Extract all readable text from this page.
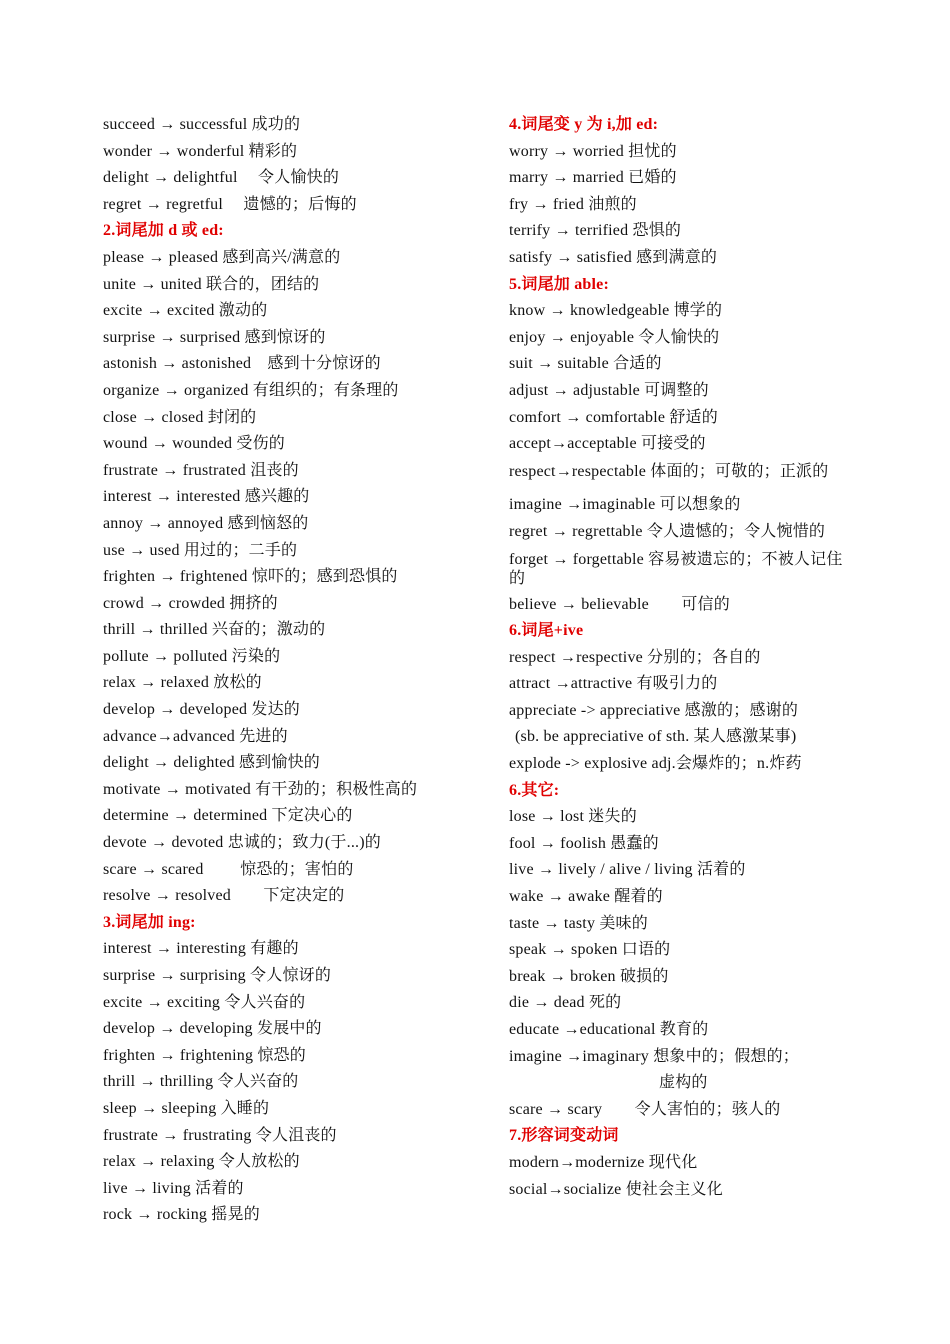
succeed → successful 成功的
wonder → wonderful 精彩的
delight → delightful　 令人愉快的
regret → regretful　 遗憾的；后悔的
2.词尾加 d 或 ed:
please → pleased 感到高兴/满意的
unite → united 联合的，团结的
excite → excited 激动的
surprise → surprised 感到惊讶的
astonish → astonished　感到十分惊讶的
organize → organized 有组织的；有条理的
close → closed 封闭的
wound → wounded 受伤的
frustrate → frustrated 沮丧的
interest → interested 感兴趣的
annoy → annoyed 感到恼怒的
use → used 用过的；二手的
frighten → frightened 惊吓的；感到恐惧的
crowd → crowded 拥挤的
thrill → thrilled 兴奋的；激动的
pollute → polluted 污染的
relax → relaxed 放松的
develop → developed 发达的
advance→advanced 先进的
delight → delighted 感到愉快的
motivate → motivated 有干劲的；积极性高的
determine → determined 下定决心的
devote → devoted 忠诚的；致力(于...)的
scare → scared　　 惊恐的；害怕的
resolve → resolved　　下定决定的
3.词尾加 ing:
interest → interesting 有趣的
surprise → surprising 令人惊讶的
excite → exciting 令人兴奋的
develop → developing 发展中的
frighten → frightening 惊恐的
thrill → thrilling 令人兴奋的
sleep → sleeping 入睡的
frustrate → frustrating 令人沮丧的
relax → relaxing 令人放松的
live → living 活着的
rock → rocking 摇晃的
4.词尾变 y 为 i,加 ed:
worry → worried 担忧的
marry → married 已婚的
fry → fried 油煎的
terrify → terrified 恐惧的
satisfy → satisfied 感到满意的
5.词尾加 able:
know → knowledgeable 博学的
enjoy → enjoyable 令人愉快的
suit → suitable 合适的
adjust → adjustable 可调整的
comfort → comfortable 舒适的
accept→acceptable 可接受的
respect→respectable 体面的；可敬的；正派的
imagine →imaginable 可以想象的
regret → regrettable 令人遗憾的；令人惋惜的
forget → forgettable 容易被遗忘的；不被人记住的
believe → believable　　可信的
6.词尾+ive
respect →respective 分别的；各自的
attract →attractive 有吸引力的
appreciate -> appreciative 感激的；感谢的
(sb. be appreciative of sth. 某人感激某事)
explode -> explosive adj.会爆炸的；n.炸药
6.其它:
lose → lost 迷失的
fool → foolish 愚蠢的
live → lively / alive / living 活着的
wake → awake 醒着的
taste → tasty 美味的
speak → spoken 口语的
break → broken 破损的
die → dead 死的
educate →educational 教育的
imagine →imaginary 想象中的；假想的；
虚构的
scare → scary　　令人害怕的；骇人的
7.形容词变动词
modern→modernize 现代化
social→socialize 使社会主义化
